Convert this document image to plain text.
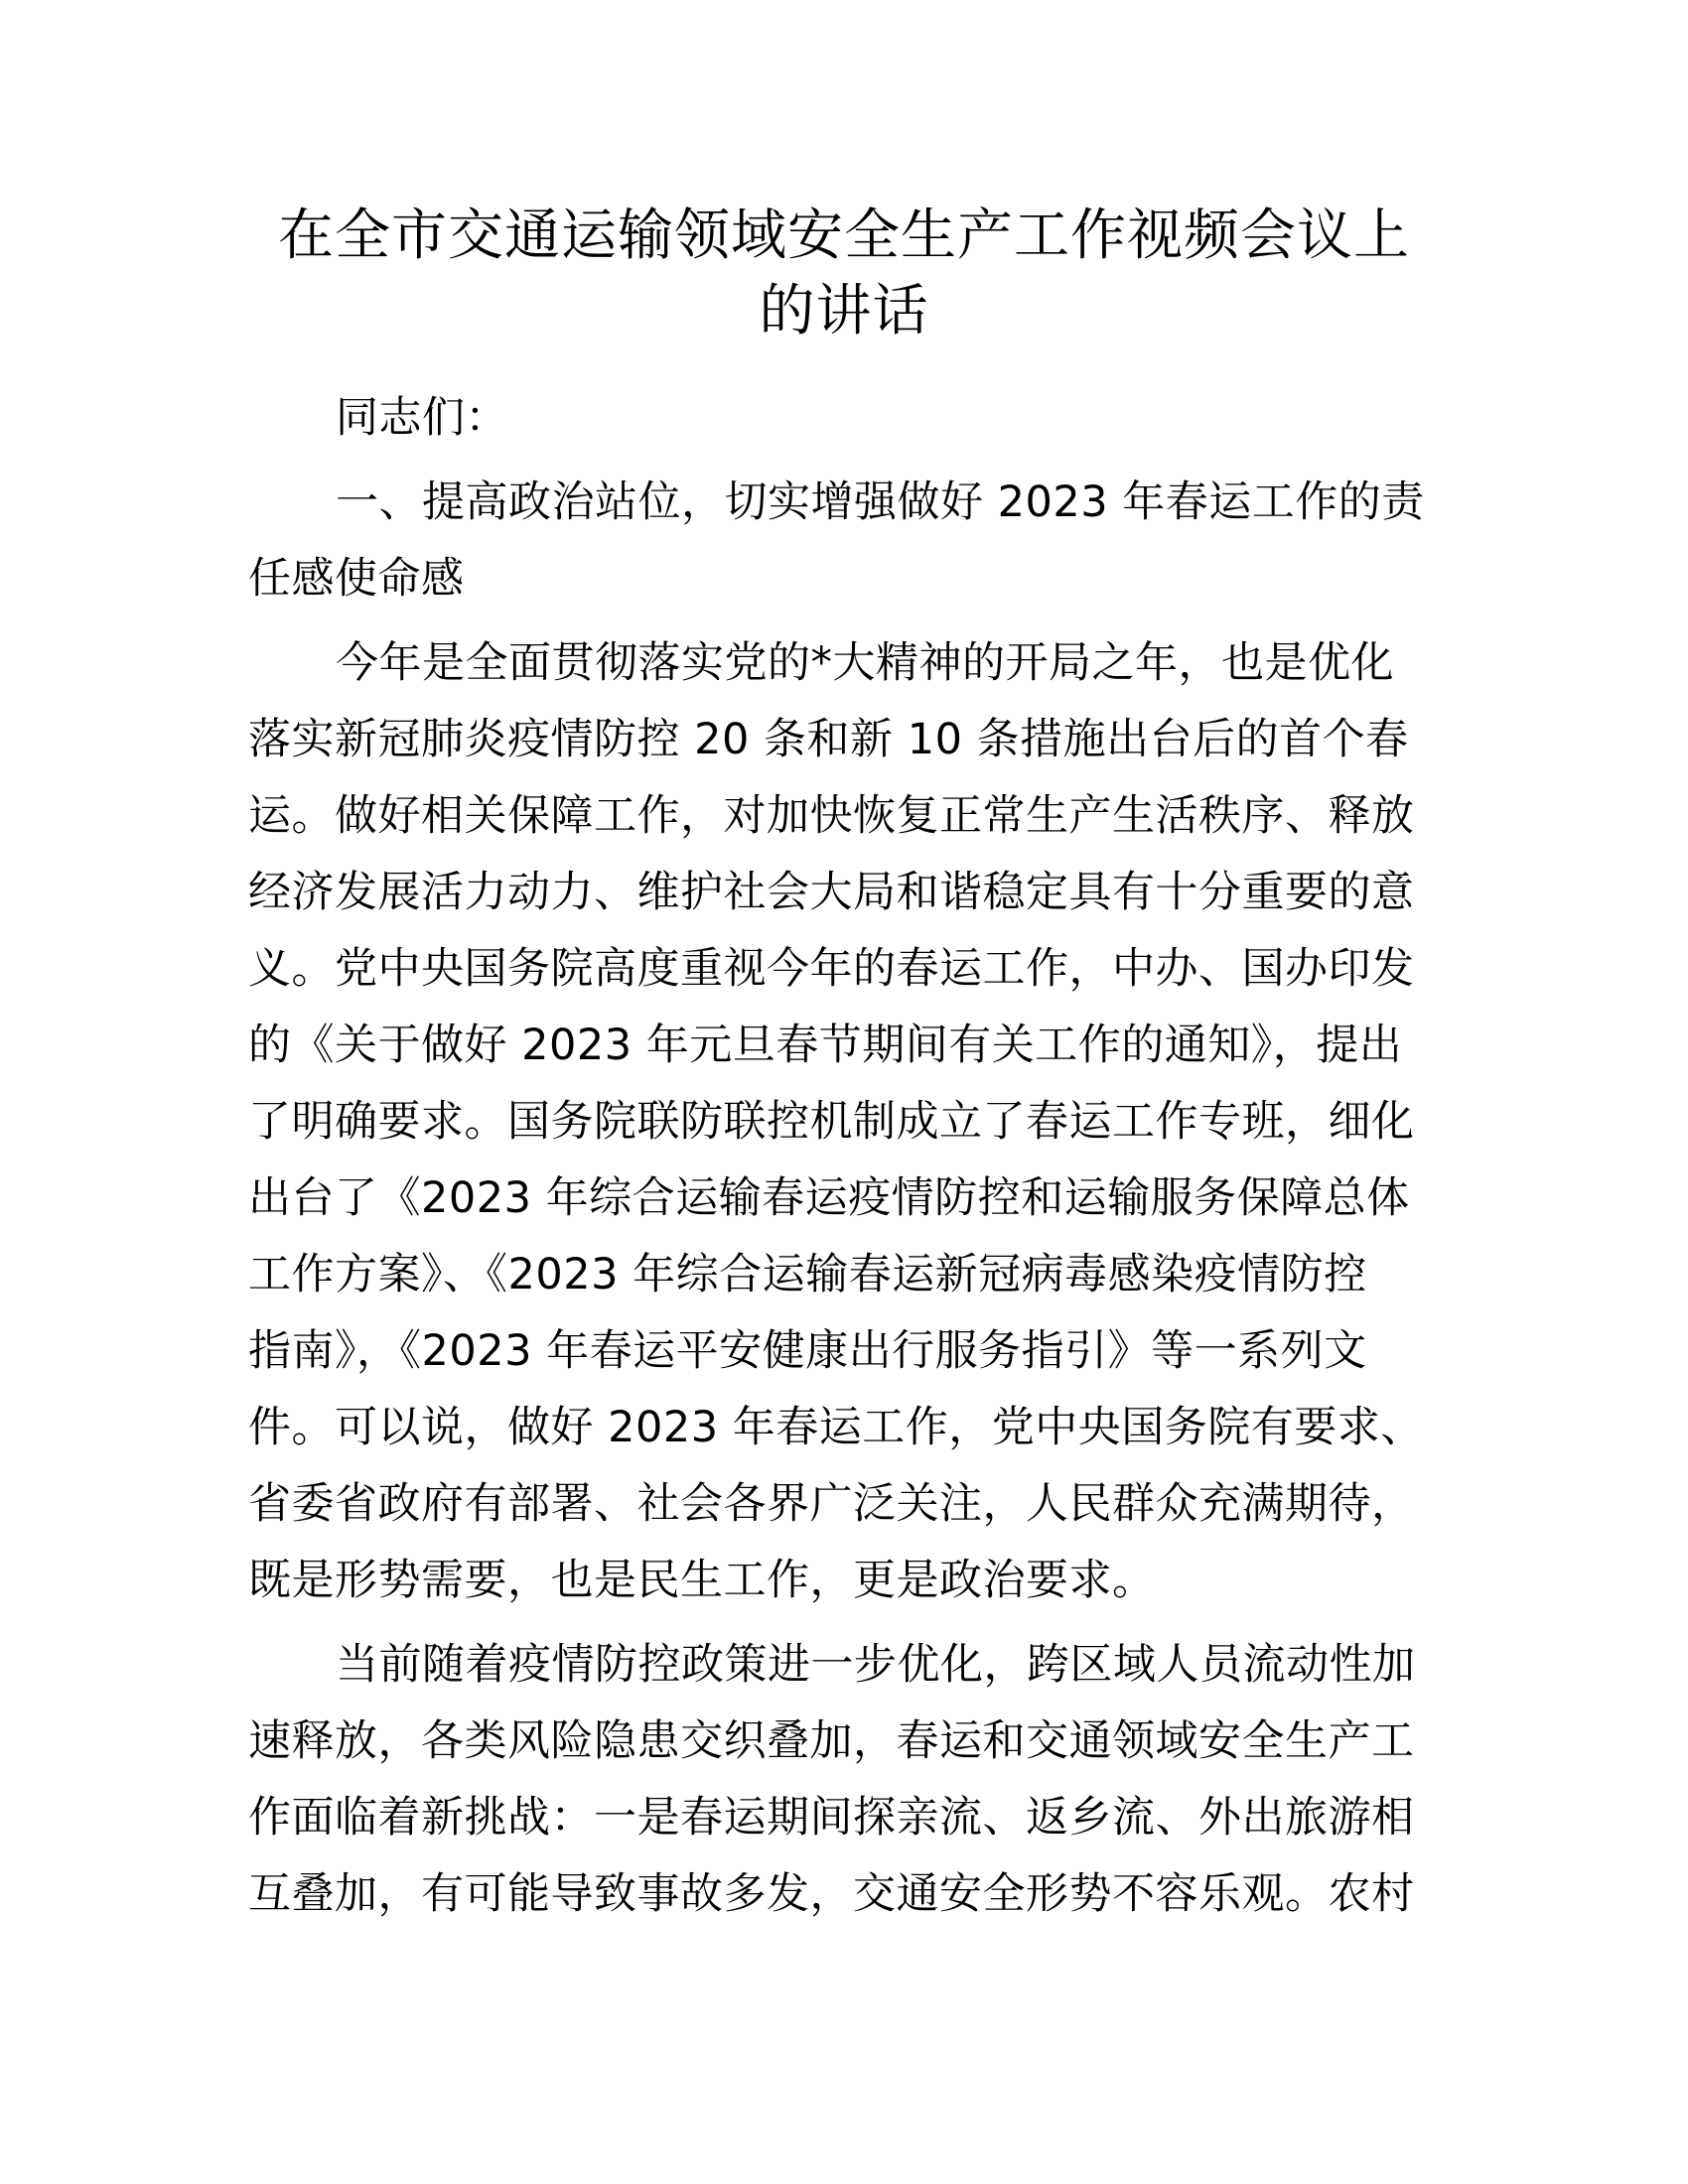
在全市交通运输领域安全生产工作视频会议上
的讲话
同志们：
一、提高政治站位，切实增强做好 2023 年春运工作的责
任感使命感
今年是全面贯彻落实党的*大精神的开局之年，也是优化
落实新冠肺炎疫情防控 20 条和新 10 条措施出台后的首个春
运。做好相关保障工作，对加快恢复正常生产生活秩序、释放
经济发展活力动力、维护社会大局和谐稳定具有十分重要的意
义。党中央国务院高度重视今年的春运工作，中办、国办印发
的《关于做好 2023 年元旦春节期间有关工作的通知》，提出
了明确要求。国务院联防联控机制成立了春运工作专班，细化
出台了《2023 年综合运输春运疫情防控和运输服务保障总体
工作方案》、《2023 年综合运输春运新冠病毒感染疫情防控
指南》，《2023 年春运平安健康出行服务指引》等一系列文
件。可以说，做好 2023 年春运工作，党中央国务院有要求、
省委省政府有部署、社会各界广泛关注，人民群众充满期待，
既是形势需要，也是民生工作，更是政治要求。
当前随着疫情防控政策进一步优化，跨区域人员流动性加
速释放，各类风险隐患交织叠加，春运和交通领域安全生产工
作面临着新挑战：一是春运期间探亲流、返乡流、外出旅游相
互叠加，有可能导致事故多发，交通安全形势不容乐观。农村
